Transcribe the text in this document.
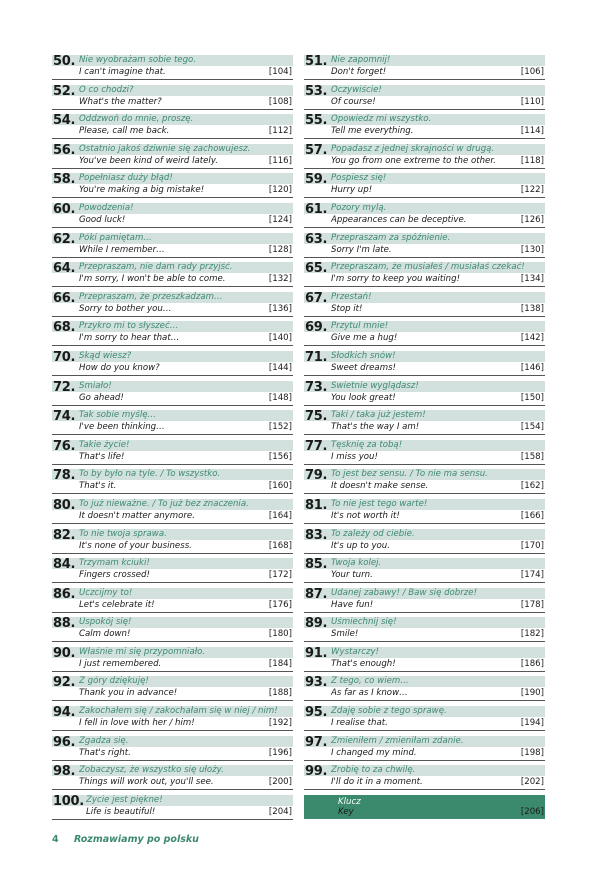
50. Nie wyobrażam sobie tego.
I can't imagine that.	[104]
52. O co chodzi?
What's the matter?	[108]
54. Oddzwoń do mnie, proszę.
Please, call me back.	[112]
56. Ostatnio jakoś dziwnie się zachowujesz.
You've been kind of weird lately.	[116]
58. Popełniasz duży błąd!
You're making a big mistake!	[120]
60. Powodzenia!
Good luck!	[124]
62. Póki pamiętam…
While I remember…	[128]
64. Przepraszam, nie dam rady przyjść.
I'm sorry, I won't be able to come.	[132]
66. Przepraszam, że przeszkadzam…
Sorry to bother you…	[136]
68. Przykro mi to słyszeć…
I'm sorry to hear that…	[140]
70. Skąd wiesz?
How do you know?	[144]
72. Śmiało!
Go ahead!	[148]
74. Tak sobie myślę…
I've been thinking…	[152]
76. Takie życie!
That's life!	[156]
78. To by było na tyle. / To wszystko.
That's it.	[160]
80. To już nieważne. / To już bez znaczenia.
It doesn't matter anymore.	[164]
82. To nie twoja sprawa.
It's none of your business.	[168]
84. Trzymam kciuki!
Fingers crossed!	[172]
86. Uczcijmy to!
Let's celebrate it!	[176]
88. Uspokój się!
Calm down!	[180]
90. Właśnie mi się przypomniało.
I just remembered.	[184]
92. Z góry dziękuję!
Thank you in advance!	[188]
94. Zakochałem się / zakochałam się w niej / nim!
I fell in love with her / him!	[192]
96. Zgadza się.
That's right.	[196]
98. Zobaczysz, że wszystko się ułoży.
Things will work out, you'll see.	[200]
100. Życie jest piękne!
Life is beautiful!	[204]
51. Nie zapomnij!
Don't forget!	[106]
53. Oczywiście!
Of course!	[110]
55. Opowiedz mi wszystko.
Tell me everything.	[114]
57. Popadasz z jednej skrajności w drugą.
You go from one extreme to the other.	[118]
59. Pospiesz się!
Hurry up!	[122]
61. Pozory mylą.
Appearances can be deceptive.	[126]
63. Przepraszam za spóźnienie.
Sorry I'm late.	[130]
65. Przepraszam, że musiałeś / musiałaś czekać!
I'm sorry to keep you waiting!	[134]
67. Przestań!
Stop it!	[138]
69. Przytul mnie!
Give me a hug!	[142]
71. Słodkich snów!
Sweet dreams!	[146]
73. Świetnie wyglądasz!
You look great!	[150]
75. Taki / taka już jestem!
That's the way I am!	[154]
77. Tęsknię za tobą!
I miss you!	[158]
79. To jest bez sensu. / To nie ma sensu.
It doesn't make sense.	[162]
81. To nie jest tego warte!
It's not worth it!	[166]
83. To zależy od ciebie.
It's up to you.	[170]
85. Twoja kolej.
Your turn.	[174]
87. Udanej zabawy! / Baw się dobrze!
Have fun!	[178]
89. Uśmiechnij się!
Smile!	[182]
91. Wystarczy!
That's enough!	[186]
93. Z tego, co wiem…
As far as I know…	[190]
95. Zdaję sobie z tego sprawę.
I realise that.	[194]
97. Zmieniłem / zmieniłam zdanie.
I changed my mind.	[198]
99. Zrobię to za chwilę.
I'll do it in a moment.	[202]
Klucz
Key	[206]
4 Rozmawiamy po polsku
